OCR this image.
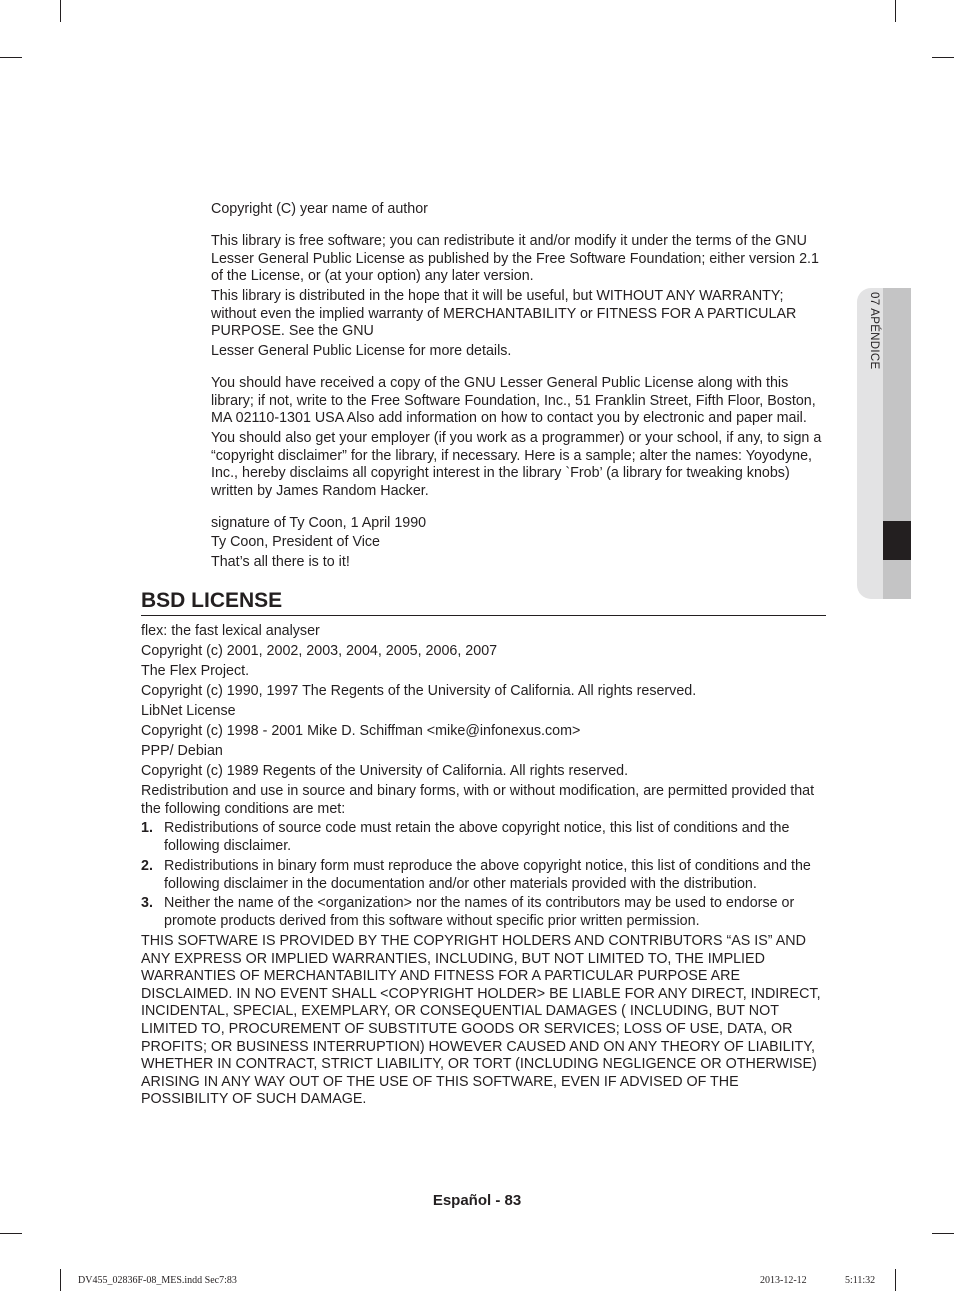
07 APÉNDICE

Copyright (C) year name of author

This library is free software; you can redistribute it and/or modify it under the terms of the GNU Lesser General Public License as published by the Free Software Foundation; either version 2.1 of the License, or (at your option) any later version.

This library is distributed in the hope that it will be useful, but WITHOUT ANY WARRANTY; without even the implied warranty of MERCHANTABILITY or FITNESS FOR A PARTICULAR PURPOSE. See the GNU

Lesser General Public License for more details.

You should have received a copy of the GNU Lesser General Public License along with this library; if not, write to the Free Software Foundation, Inc., 51 Franklin Street, Fifth Floor, Boston, MA 02110-1301 USA Also add information on how to contact you by electronic and paper mail.

You should also get your employer (if you work as a programmer) or your school, if any, to sign a “copyright disclaimer” for the library, if necessary. Here is a sample; alter the names: Yoyodyne, Inc., hereby disclaims all copyright interest in the library `Frob’ (a library for tweaking knobs) written by James Random Hacker.

signature of Ty Coon, 1 April 1990

Ty Coon, President of Vice

That’s all there is to it!

BSD LICENSE

flex: the fast lexical analyser

Copyright (c) 2001, 2002, 2003, 2004, 2005, 2006, 2007

The Flex Project.

Copyright (c) 1990, 1997 The Regents of the University of California. All rights reserved.

LibNet License

Copyright (c) 1998 - 2001 Mike D. Schiffman <mike@infonexus.com>

PPP/ Debian

Copyright (c) 1989 Regents of the University of California. All rights reserved.

Redistribution and use in source and binary forms, with or without modification, are permitted provided that the following conditions are met:

1. Redistributions of source code must retain the above copyright notice, this list of conditions and the following disclaimer.
2. Redistributions in binary form must reproduce the above copyright notice, this list of conditions and the following disclaimer in the documentation and/or other materials provided with the distribution.
3. Neither the name of the <organization> nor the names of its contributors may be used to endorse or promote products derived from this software without specific prior written permission.

THIS SOFTWARE IS PROVIDED BY THE COPYRIGHT HOLDERS AND CONTRIBUTORS “AS IS” AND ANY EXPRESS OR IMPLIED WARRANTIES, INCLUDING, BUT NOT LIMITED TO, THE IMPLIED WARRANTIES OF MERCHANTABILITY AND FITNESS FOR A PARTICULAR PURPOSE ARE DISCLAIMED. IN NO EVENT SHALL <COPYRIGHT HOLDER> BE LIABLE FOR ANY DIRECT, INDIRECT, INCIDENTAL, SPECIAL, EXEMPLARY, OR CONSEQUENTIAL DAMAGES ( INCLUDING, BUT NOT LIMITED TO, PROCUREMENT OF SUBSTITUTE GOODS OR SERVICES; LOSS OF USE, DATA, OR PROFITS; OR BUSINESS INTERRUPTION) HOWEVER CAUSED AND ON ANY THEORY OF LIABILITY, WHETHER IN CONTRACT, STRICT LIABILITY, OR TORT (INCLUDING NEGLIGENCE OR OTHERWISE) ARISING IN ANY WAY OUT OF THE USE OF THIS SOFTWARE, EVEN IF ADVISED OF THE POSSIBILITY OF SUCH DAMAGE.

Español - 83
DV455_02836F-08_MES.indd Sec7:83	2013-12-12	5:11:32
